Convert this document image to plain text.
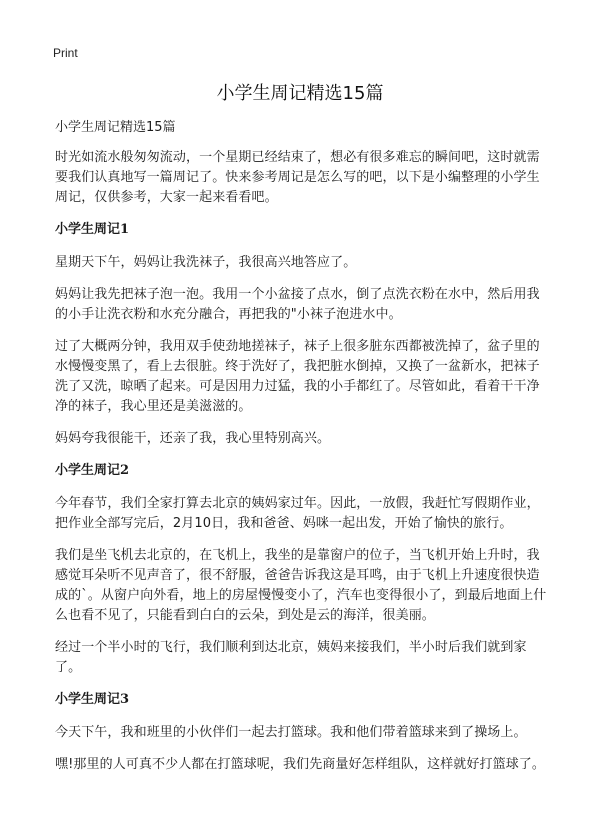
Print
小学生周记精选15篇

小学生周记精选15篇

时光如流水般匆匆流动，一个星期已经结束了，想必有很多难忘的瞬间吧，这时就需要我们认真地写一篇周记了。快来参考周记是怎么写的吧，以下是小编整理的小学生周记，仅供参考，大家一起来看看吧。

小学生周记1

星期天下午，妈妈让我洗袜子，我很高兴地答应了。

妈妈让我先把袜子泡一泡。我用一个小盆接了点水，倒了点洗衣粉在水中，然后用我的小手让洗衣粉和水充分融合，再把我的"小袜子泡进水中。

过了大概两分钟，我用双手使劲地搓袜子，袜子上很多脏东西都被洗掉了，盆子里的水慢慢变黑了，看上去很脏。终于洗好了，我把脏水倒掉，又换了一盆新水，把袜子洗了又洗，晾晒了起来。可是因用力过猛，我的小手都红了。尽管如此，看着干干净净的袜子，我心里还是美滋滋的。

妈妈夸我很能干，还亲了我，我心里特别高兴。

小学生周记2

今年春节，我们全家打算去北京的姨妈家过年。因此，一放假，我赶忙写假期作业，把作业全部写完后，2月10日，我和爸爸、妈咪一起出发，开始了愉快的旅行。

我们是坐飞机去北京的，在飞机上，我坐的是靠窗户的位子，当飞机开始上升时，我感觉耳朵听不见声音了，很不舒服，爸爸告诉我这是耳鸣，由于飞机上升速度很快造成的`。从窗户向外看，地上的房屋慢慢变小了，汽车也变得很小了，到最后地面上什么也看不见了，只能看到白白的云朵，到处是云的海洋，很美丽。

经过一个半小时的飞行，我们顺利到达北京，姨妈来接我们，半小时后我们就到家了。

小学生周记3

今天下午，我和班里的小伙伴们一起去打篮球。我和他们带着篮球来到了操场上。

嘿!那里的人可真不少人都在打篮球呢，我们先商量好怎样组队，这样就好打篮球了。
